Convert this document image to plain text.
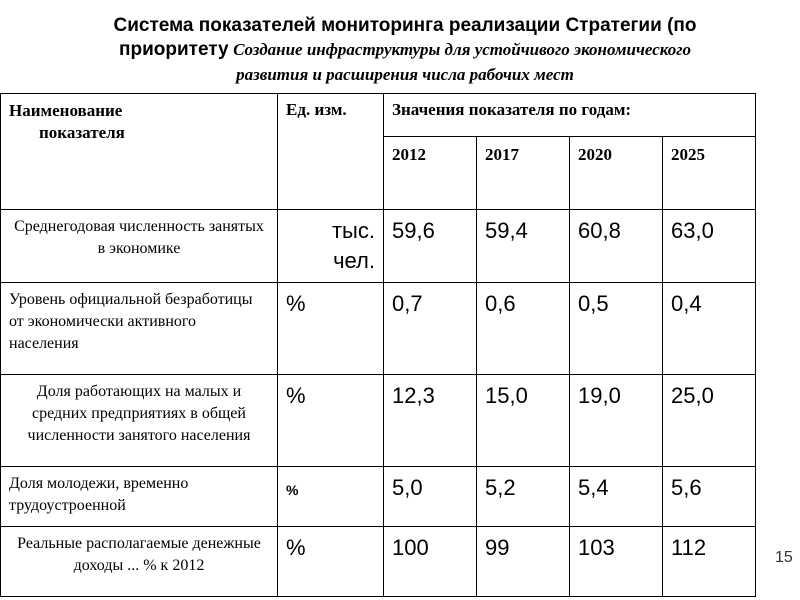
Система показателей мониторинга реализации Стратегии (по
приоритету Создание инфраструктуры для устойчивого экономического
развития и расширения числа рабочих мест
Наименование
показателя	Ед. изм.	Значения показателя по годам:			
		2012	2017	2020	2025
Среднегодовая численность занятых в экономике	тыс. чел.	59,6	59,4	60,8	63,0
Уровень официальной безработицы от экономически активного населения	%	0,7	0,6	0,5	0,4
Доля работающих на малых и средних предприятиях в общей численности занятого населения	%	12,3	15,0	19,0	25,0
Доля молодежи, временно трудоустроенной	%	5,0	5,2	5,4	5,6
Реальные располагаемые денежные доходы ... % к 2012	%	100	99	103	112	15
